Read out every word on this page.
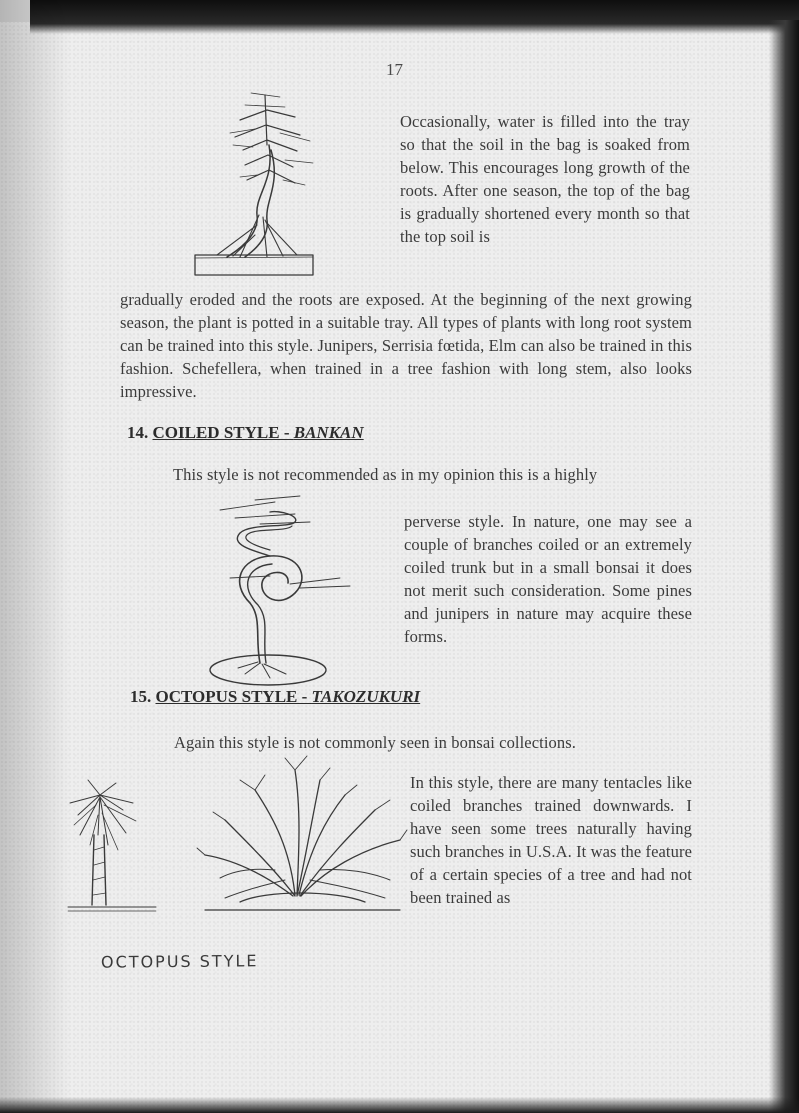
17
Occasionally, water is filled into the tray so that the soil in the bag is soaked from below. This encourages long growth of the roots. After one season, the top of the bag is gradually shortened every month so that the top soil is
gradually eroded and the roots are exposed. At the beginning of the next growing season, the plant is potted in a suitable tray. All types of plants with long root system can be trained into this style. Junipers, Serrisia fœtida, Elm can also be trained in this fashion. Schefellera, when trained in a tree fashion with long stem, also looks impressive.
14. COILED STYLE - BANKAN
This style is not recommended as in my opinion this is a highly
perverse style. In nature, one may see a couple of branches coiled or an extremely coiled trunk but in a small bonsai it does not merit such consideration. Some pines and junipers in nature may acquire these forms.
15. OCTOPUS STYLE - TAKOZUKURI
Again this style is not commonly seen in bonsai collections.
In this style, there are many tentacles like coiled branches trained downwards. I have seen some trees naturally having such branches in U.S.A. It was the feature of a certain species of a tree and had not been trained as
OCTOPUS STYLE
